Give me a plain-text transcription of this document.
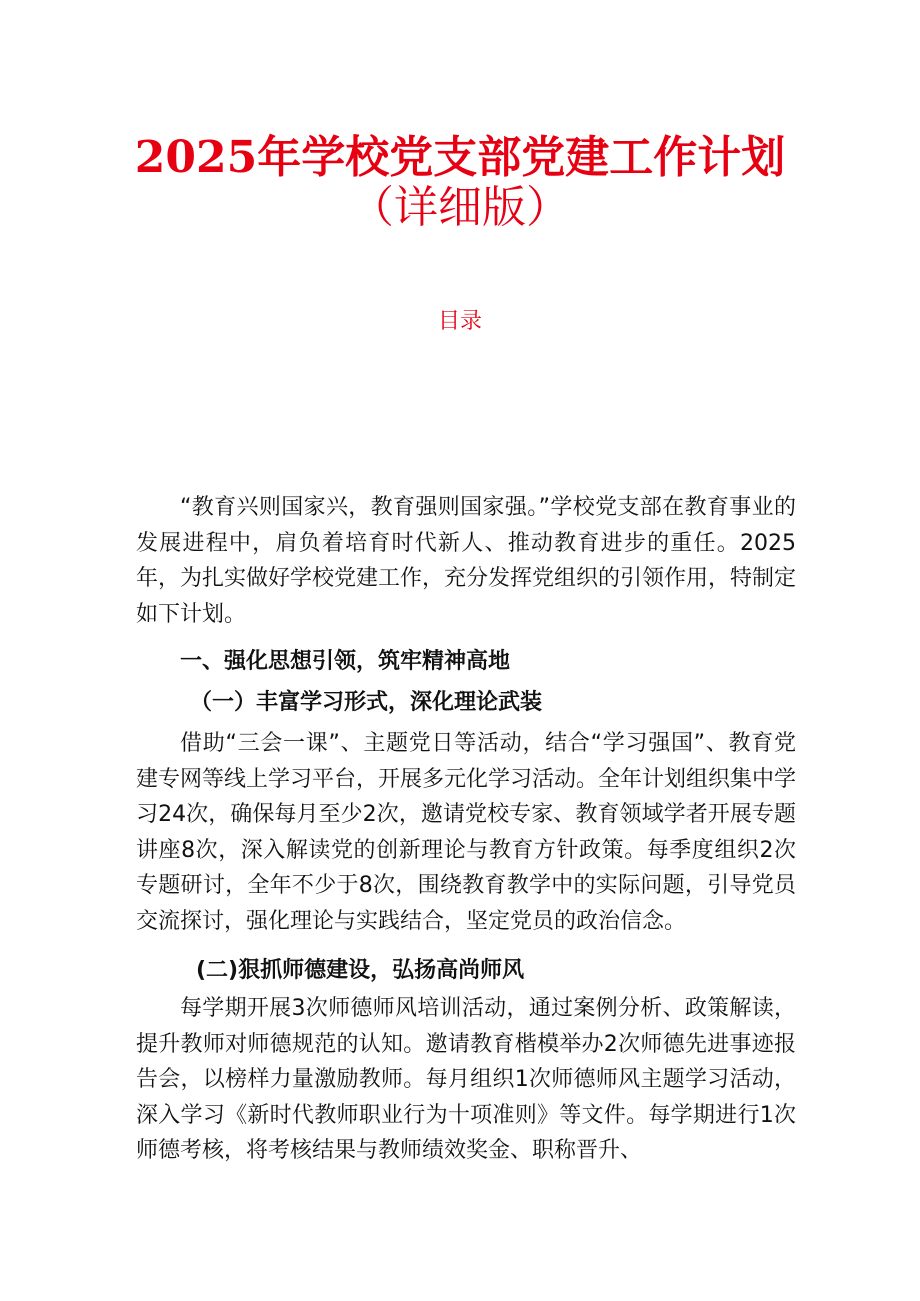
2025年学校党支部党建工作计划
（详细版）
目录

“教育兴则国家兴，教育强则国家强。”学校党支部在教育事业的发展进程中，肩负着培育时代新人、推动教育进步的重任。2025年，为扎实做好学校党建工作，充分发挥党组织的引领作用，特制定如下计划。

一、强化思想引领，筑牢精神高地
（一）丰富学习形式，深化理论武装

借助“三会一课”、主题党日等活动，结合“学习强国”、教育党建专网等线上学习平台，开展多元化学习活动。全年计划组织集中学习24次，确保每月至少2次，邀请党校专家、教育领域学者开展专题讲座8次，深入解读党的创新理论与教育方针政策。每季度组织2次专题研讨，全年不少于8次，围绕教育教学中的实际问题，引导党员交流探讨，强化理论与实践结合，坚定党员的政治信念。

(二)狠抓师德建设，弘扬高尚师风

每学期开展3次师德师风培训活动，通过案例分析、政策解读，提升教师对师德规范的认知。邀请教育楷模举办2次师德先进事迹报告会，以榜样力量激励教师。每月组织1次师德师风主题学习活动，深入学习《新时代教师职业行为十项准则》等文件。每学期进行1次师德考核，将考核结果与教师绩效奖金、职称晋升、
